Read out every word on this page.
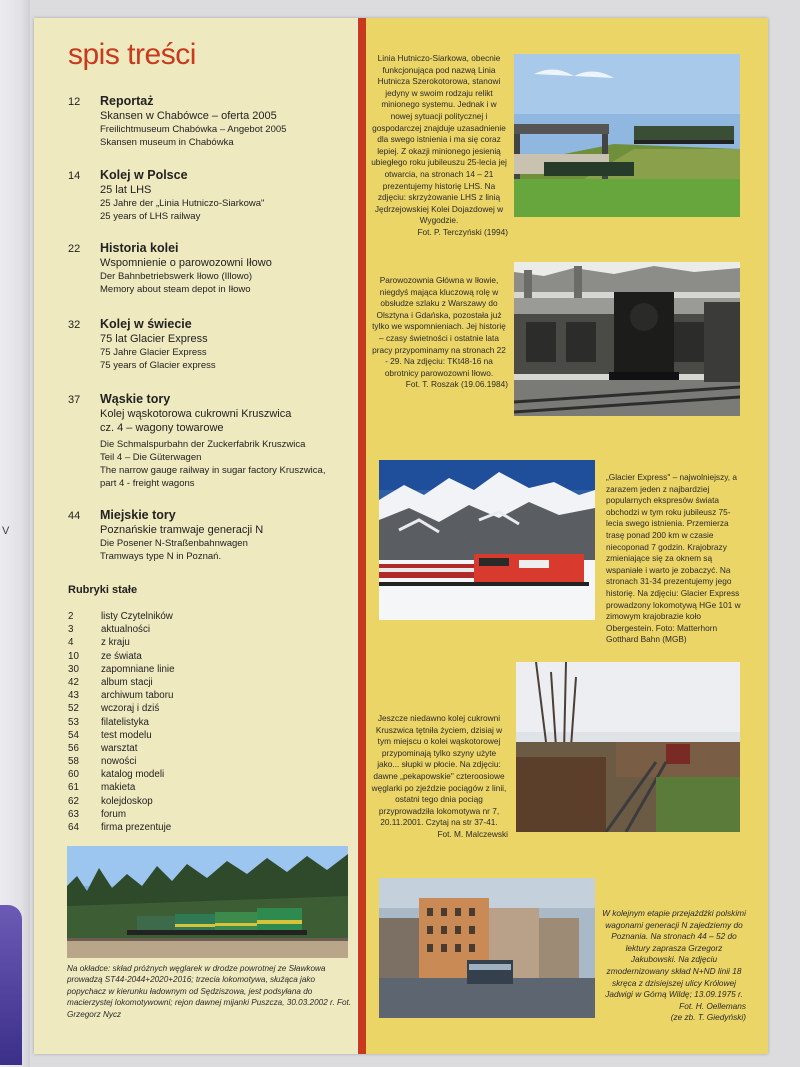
V
spis treści
12 Reportaż
Skansen w Chabówce – oferta 2005
Freilichtmuseum Chabówka – Angebot 2005
Skansen museum in Chabówka
14 Kolej w Polsce
25 lat LHS
25 Jahre der „Linia Hutniczo-Siarkowa"
25 years of LHS railway
22 Historia kolei
Wspomnienie o parowozowni Iłowo
Der Bahnbetriebswerk Iłowo (Illowo)
Memory about steam depot in Iłowo
32 Kolej w świecie
75 lat Glacier Express
75 Jahre Glacier Express
75 years of Glacier express
37 Wąskie tory
Kolej wąskotorowa cukrowni Kruszwica
cz. 4 – wagony towarowe
Die Schmalspurbahn der Zuckerfabrik Kruszwica
Teil 4 – Die Güterwagen
The narrow gauge railway in sugar factory Kruszwica,
part 4 - freight wagons
44 Miejskie tory
Poznańskie tramwaje generacji N
Die Posener N-Straßenbahnwagen
Tramways type N in Poznań.
Rubryki stałe
2	listy Czytelników
3	aktualności
4	z kraju
10 ze świata
30 zapomniane linie
42 album stacji
43 archiwum taboru
52 wczoraj i dziś
53 filatelistyka
54 test modelu
56 warsztat
58 nowości
60 katalog modeli
61 makieta
62 kolejdoskop
63 forum
64 firma prezentuje
Na okładce: skład próżnych węglarek w drodze powrotnej ze Sławkowa prowadzą ST44-2044+2020+2016; trzecia lokomotywa, służąca jako popychacz w kierunku ładownym od Sędziszowa, jest podsyłana do macierzystej lokomotywowni; rejon dawnej mijanki Puszcza, 30.03.2002 r. Fot. Grzegorz Nycz
Linia Hutniczo-Siarkowa, obecnie funkcjonująca pod nazwą Linia Hutnicza Szerokotorowa, stanowi jedyny w swoim rodzaju relikt minionego systemu. Jednak i w nowej sytuacji politycznej i gospodarczej znajduje uzasadnienie dla swego istnienia i ma się coraz lepiej. Z okazji minionego jesienią ubiegłego roku jubileuszu 25-lecia jej otwarcia, na stronach 14 – 21 prezentujemy historię LHS. Na zdjęciu: skrzyżowanie LHS z linią Jędrzejowskiej Kolei Dojazdowej w Wygodzie.
Fot. P. Terczyński (1994)
Parowozownia Główna w Iłowie, niegdyś mająca kluczową rolę w obsłudze szlaku z Warszawy do Olsztyna i Gdańska, pozostała już tylko we wspomnieniach. Jej historię – czasy świetności i ostatnie lata pracy przypominamy na stronach 22 - 29. Na zdjęciu: TKt48-16 na obrotnicy parowozowni Iłowo.
Fot. T. Roszak (19.06.1984)
„Glacier Express" – najwolniejszy, a zarazem jeden z najbardziej popularnych ekspresów świata obchodzi w tym roku jubileusz 75-lecia swego istnienia. Przemierza trasę ponad 200 km w czasie niecoponad 7 godzin. Krajobrazy zmieniające się za oknem są wspaniałe i warto je zobaczyć. Na stronach 31-34 prezentujemy jego historię. Na zdjęciu: Glacier Express prowadzony lokomotywą HGe 101 w zimowym krajobrazie koło Obergestein. Foto: Matterhorn Gotthard Bahn (MGB)
Jeszcze niedawno kolej cukrowni Kruszwica tętniła życiem, dzisiaj w tym miejscu o kolei wąskotorowej przypominają tylko szyny użyte jako... słupki w płocie. Na zdjęciu: dawne „pekapowskie" czteroosiowe węglarki po zjeździe pociągów z linii, ostatni tego dnia pociąg przyprowadziła lokomotywa nr 7, 20.11.2001. Czytaj na str 37-41.
Fot. M. Malczewski
W kolejnym etapie przejażdżki polskimi wagonami generacji N zajedziemy do Poznania. Na stronach 44 – 52 do lektury zaprasza Grzegorz Jakubowski. Na zdjęciu zmodernizowany skład N+ND linii 18 skręca z dzisiejszej ulicy Królowej Jadwigi w Górną Wildę; 13.09.1975 r.
Fot. H. Oellemans
(ze zb. T. Giedyński)
